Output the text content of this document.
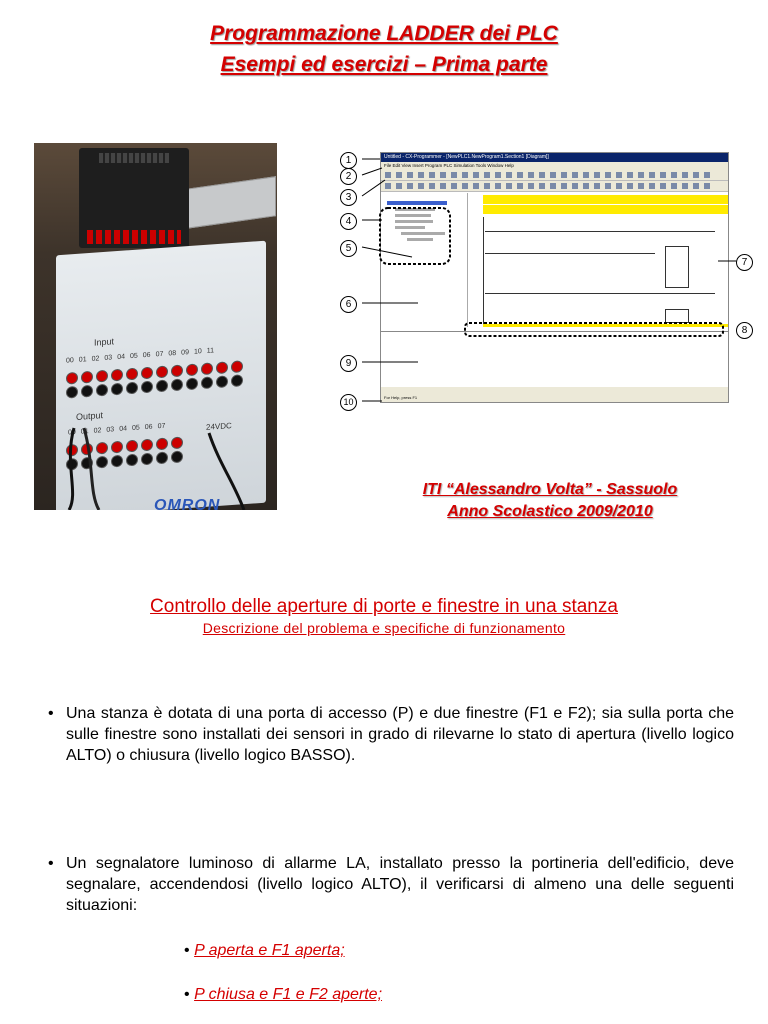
Programmazione LADDER dei PLC
Esempi ed esercizi – Prima parte
Input
00 01 02 03 04 05 06 07 08 09 10 11
Output
00 01 02 03 04 05 06 07	24VDC
OMRON
Untitled - CX-Programmer - [NewPLC1.NewProgram1.Section1 [Diagram]]
File Edit View Insert Program PLC Simulation Tools Window Help
For Help, press F1
1
2
3
4
5
6
7
8
9
10
ITI “Alessandro Volta” - Sassuolo
Anno Scolastico 2009/2010
Controllo delle aperture di porte e finestre in una stanza
Descrizione del problema e specifiche di funzionamento
• Una stanza è dotata di una porta di accesso (P) e due finestre (F1 e F2); sia sulla porta che sulle finestre sono installati dei sensori in grado di rilevarne lo stato di apertura (livello logico ALTO) o chiusura (livello logico BASSO).
• Un segnalatore luminoso di allarme LA, installato presso la portineria dell'edificio, deve segnalare, accendendosi (livello logico ALTO), il verificarsi di almeno una delle seguenti situazioni:
• P aperta e F1 aperta;
• P chiusa e F1 e F2 aperte;
